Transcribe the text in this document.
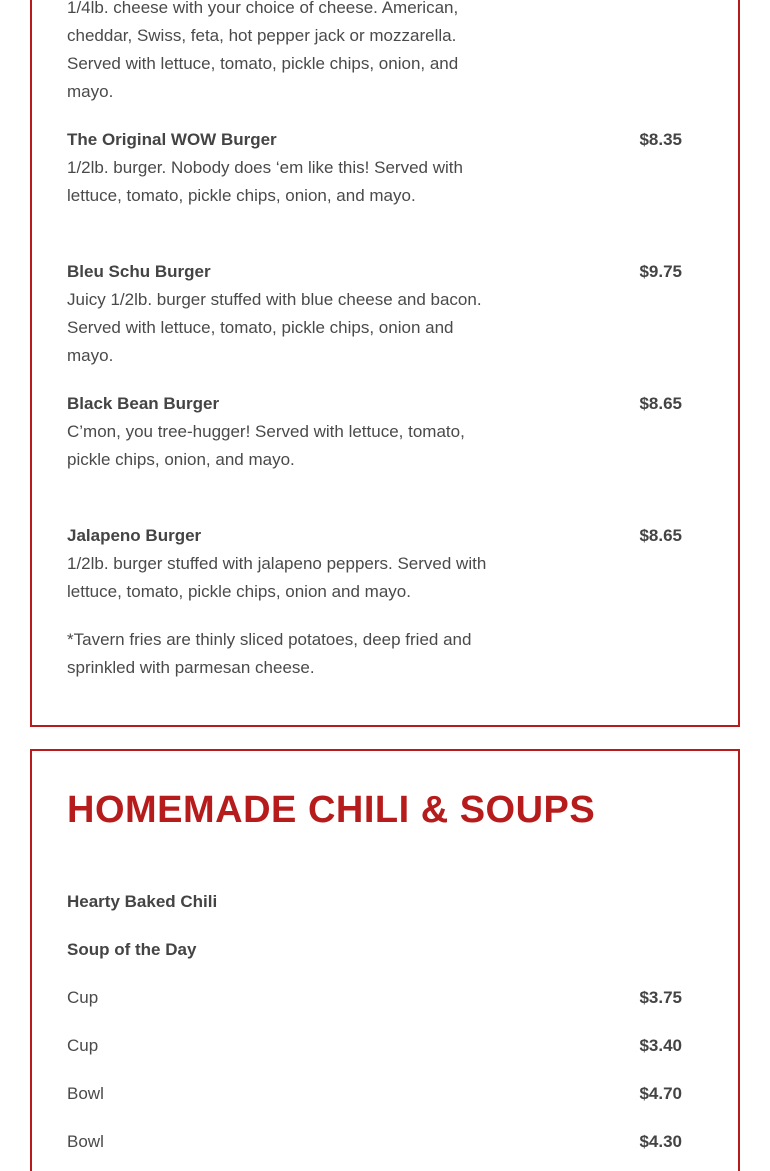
1/4lb. cheese with your choice of cheese. American, cheddar, Swiss, feta, hot pepper jack or mozzarella. Served with lettuce, tomato, pickle chips, onion, and mayo.
The Original WOW Burger	$8.35
1/2lb. burger. Nobody does ‘em like this! Served with lettuce, tomato, pickle chips, onion, and mayo.
Bleu Schu Burger	$9.75
Juicy 1/2lb. burger stuffed with blue cheese and bacon. Served with lettuce, tomato, pickle chips, onion and mayo.
Black Bean Burger	$8.65
C’mon, you tree-hugger! Served with lettuce, tomato, pickle chips, onion, and mayo.
Jalapeno Burger	$8.65
1/2lb. burger stuffed with jalapeno peppers. Served with lettuce, tomato, pickle chips, onion and mayo.
*Tavern fries are thinly sliced potatoes, deep fried and sprinkled with parmesan cheese.
HOMEMADE CHILI & SOUPS
Hearty Baked Chili
Soup of the Day
Cup	$3.75
Cup	$3.40
Bowl	$4.70
Bowl	$4.30
